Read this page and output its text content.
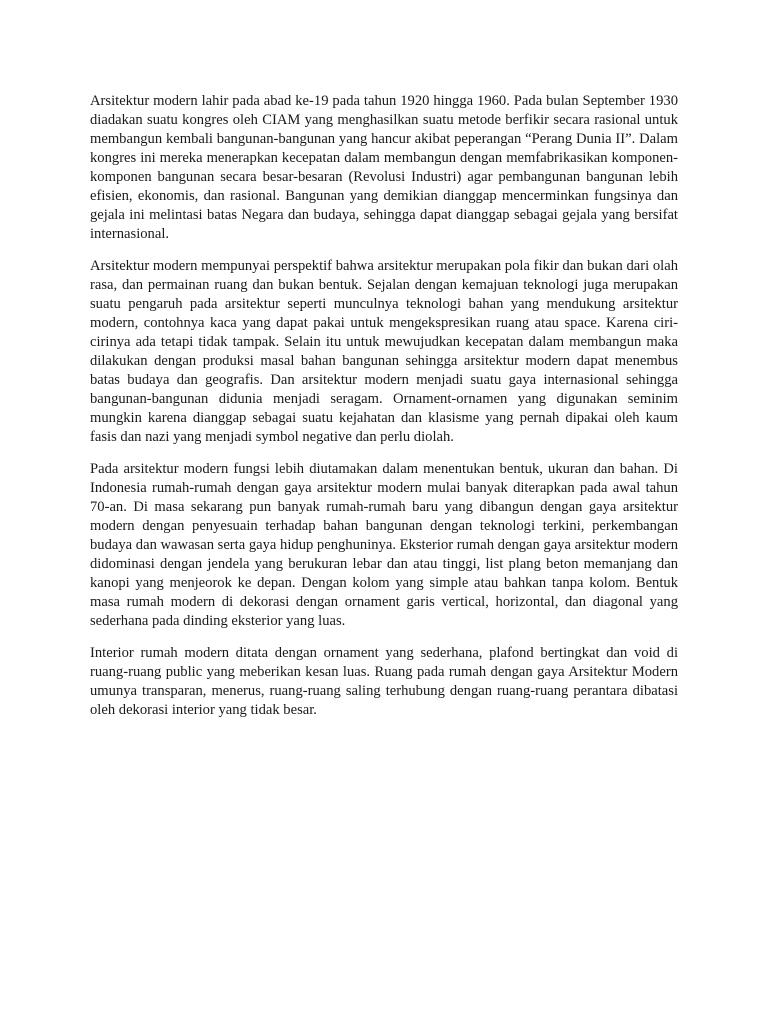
Arsitektur modern lahir pada abad ke-19 pada tahun 1920 hingga 1960. Pada bulan September 1930 diadakan suatu kongres oleh CIAM yang menghasilkan suatu metode berfikir secara rasional untuk membangun kembali bangunan-bangunan yang hancur akibat peperangan “Perang Dunia II”. Dalam kongres ini mereka menerapkan kecepatan dalam membangun dengan memfabrikasikan komponen-komponen bangunan secara besar-besaran (Revolusi Industri) agar pembangunan bangunan lebih efisien, ekonomis, dan rasional. Bangunan yang demikian dianggap mencerminkan fungsinya dan gejala ini melintasi batas Negara dan budaya, sehingga dapat dianggap sebagai gejala yang bersifat internasional.

Arsitektur modern mempunyai perspektif bahwa arsitektur merupakan pola fikir dan bukan dari olah rasa, dan permainan ruang dan bukan bentuk. Sejalan dengan kemajuan teknologi juga merupakan suatu pengaruh pada arsitektur seperti munculnya teknologi bahan yang mendukung arsitektur modern, contohnya kaca yang dapat pakai untuk mengekspresikan ruang atau space. Karena ciri-cirinya ada tetapi tidak tampak. Selain itu untuk mewujudkan kecepatan dalam membangun maka dilakukan dengan produksi masal bahan bangunan sehingga arsitektur modern dapat menembus batas budaya dan geografis. Dan arsitektur modern menjadi suatu gaya internasional sehingga bangunan-bangunan didunia menjadi seragam. Ornament-ornamen yang digunakan seminim mungkin karena dianggap sebagai suatu kejahatan dan klasisme yang pernah dipakai oleh kaum fasis dan nazi yang menjadi symbol negative dan perlu diolah.

Pada arsitektur modern fungsi lebih diutamakan dalam menentukan bentuk, ukuran dan bahan. Di Indonesia rumah-rumah dengan gaya arsitektur modern mulai banyak diterapkan pada awal tahun 70-an. Di masa sekarang pun banyak rumah-rumah baru yang dibangun dengan gaya arsitektur modern dengan penyesuain terhadap bahan bangunan dengan teknologi terkini, perkembangan budaya dan wawasan serta gaya hidup penghuninya. Eksterior rumah dengan gaya arsitektur modern didominasi dengan jendela yang berukuran lebar dan atau tinggi, list plang beton memanjang dan kanopi yang menjeorok ke depan. Dengan kolom yang simple atau bahkan tanpa kolom. Bentuk masa rumah modern di dekorasi dengan ornament garis vertical, horizontal, dan diagonal yang sederhana pada dinding eksterior yang luas.

Interior rumah modern ditata dengan ornament yang sederhana, plafond bertingkat dan void di ruang-ruang public yang meberikan kesan luas. Ruang pada rumah dengan gaya Arsitektur Modern umunya transparan, menerus, ruang-ruang saling terhubung dengan ruang-ruang perantara dibatasi oleh dekorasi interior yang tidak besar.
